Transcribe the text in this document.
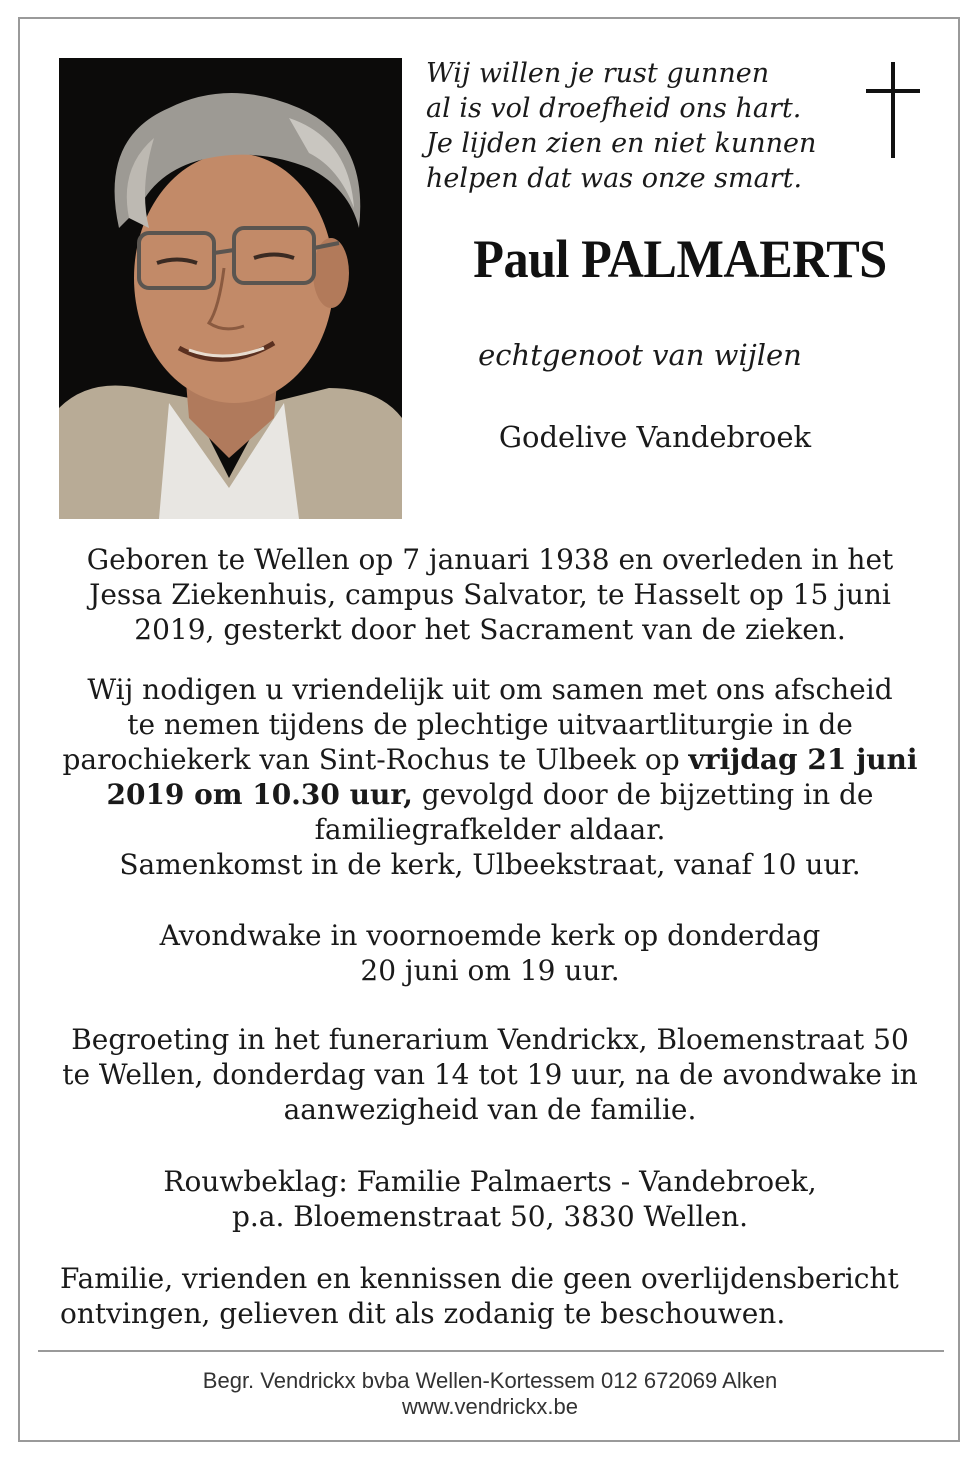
Wij willen je rust gunnen
al is vol droefheid ons hart.
Je lijden zien en niet kunnen
helpen dat was onze smart.
Paul PALMAERTS
echtgenoot van wijlen
Godelive Vandebroek
Geboren te Wellen op 7 januari 1938 en overleden in het
Jessa Ziekenhuis, campus Salvator, te Hasselt op 15 juni
2019, gesterkt door het Sacrament van de zieken.
Wij nodigen u vriendelijk uit om samen met ons afscheid
te nemen tijdens de plechtige uitvaartliturgie in de
parochiekerk van Sint-Rochus te Ulbeek op vrijdag 21 juni
2019 om 10.30 uur, gevolgd door de bijzetting in de
familiegrafkelder aldaar.
Samenkomst in de kerk, Ulbeekstraat, vanaf 10 uur.
Avondwake in voornoemde kerk op donderdag
20 juni om 19 uur.
Begroeting in het funerarium Vendrickx, Bloemenstraat 50
te Wellen, donderdag van 14 tot 19 uur, na de avondwake in
aanwezigheid van de familie.
Rouwbeklag: Familie Palmaerts - Vandebroek,
p.a. Bloemenstraat 50, 3830 Wellen.
Familie, vrienden en kennissen die geen overlijdensbericht
ontvingen, gelieven dit als zodanig te beschouwen.
Begr. Vendrickx bvba Wellen-Kortessem 012 672069 Alken
www.vendrickx.be
